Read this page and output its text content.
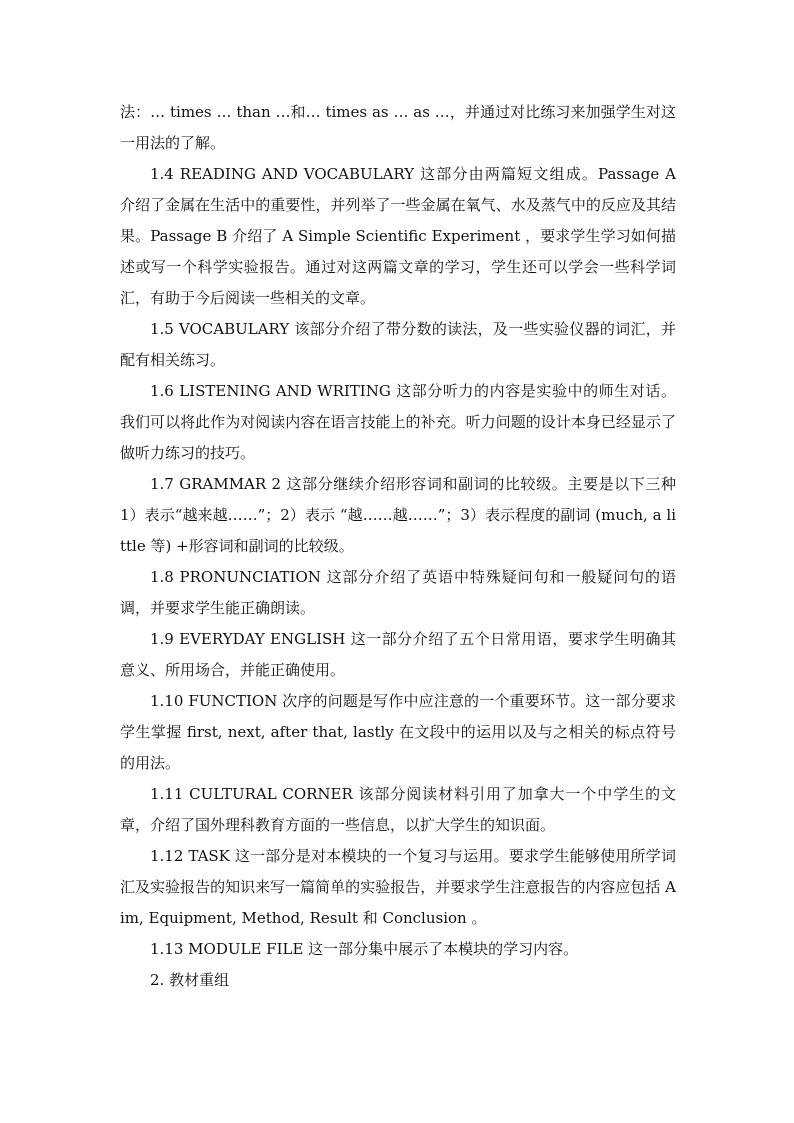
法：… times … than …和… times as … as …，并通过对比练习来加强学生对这一用法的了解。

1.4 READING AND VOCABULARY 这部分由两篇短文组成。Passage A 介绍了金属在生活中的重要性，并列举了一些金属在氧气、水及蒸气中的反应及其结果。Passage B 介绍了 A Simple Scientific Experiment ，要求学生学习如何描述或写一个科学实验报告。通过对这两篇文章的学习，学生还可以学会一些科学词汇，有助于今后阅读一些相关的文章。

1.5 VOCABULARY 该部分介绍了带分数的读法，及一些实验仪器的词汇，并配有相关练习。

1.6 LISTENING AND WRITING 这部分听力的内容是实验中的师生对话。我们可以将此作为对阅读内容在语言技能上的补充。听力问题的设计本身已经显示了做听力练习的技巧。

1.7 GRAMMAR 2 这部分继续介绍形容词和副词的比较级。主要是以下三种 1）表示“越来越……”；2）表示 “越……越……”；3）表示程度的副词 (much, a little 等) +形容词和副词的比较级。

1.8 PRONUNCIATION 这部分介绍了英语中特殊疑问句和一般疑问句的语调，并要求学生能正确朗读。

1.9 EVERYDAY ENGLISH 这一部分介绍了五个日常用语，要求学生明确其意义、所用场合，并能正确使用。

1.10 FUNCTION 次序的问题是写作中应注意的一个重要环节。这一部分要求学生掌握 first, next, after that, lastly 在文段中的运用以及与之相关的标点符号的用法。

1.11 CULTURAL CORNER 该部分阅读材料引用了加拿大一个中学生的文章，介绍了国外理科教育方面的一些信息，以扩大学生的知识面。

1.12 TASK 这一部分是对本模块的一个复习与运用。要求学生能够使用所学词汇及实验报告的知识来写一篇简单的实验报告，并要求学生注意报告的内容应包括 Aim, Equipment, Method, Result 和 Conclusion 。

1.13 MODULE FILE 这一部分集中展示了本模块的学习内容。

2. 教材重组
